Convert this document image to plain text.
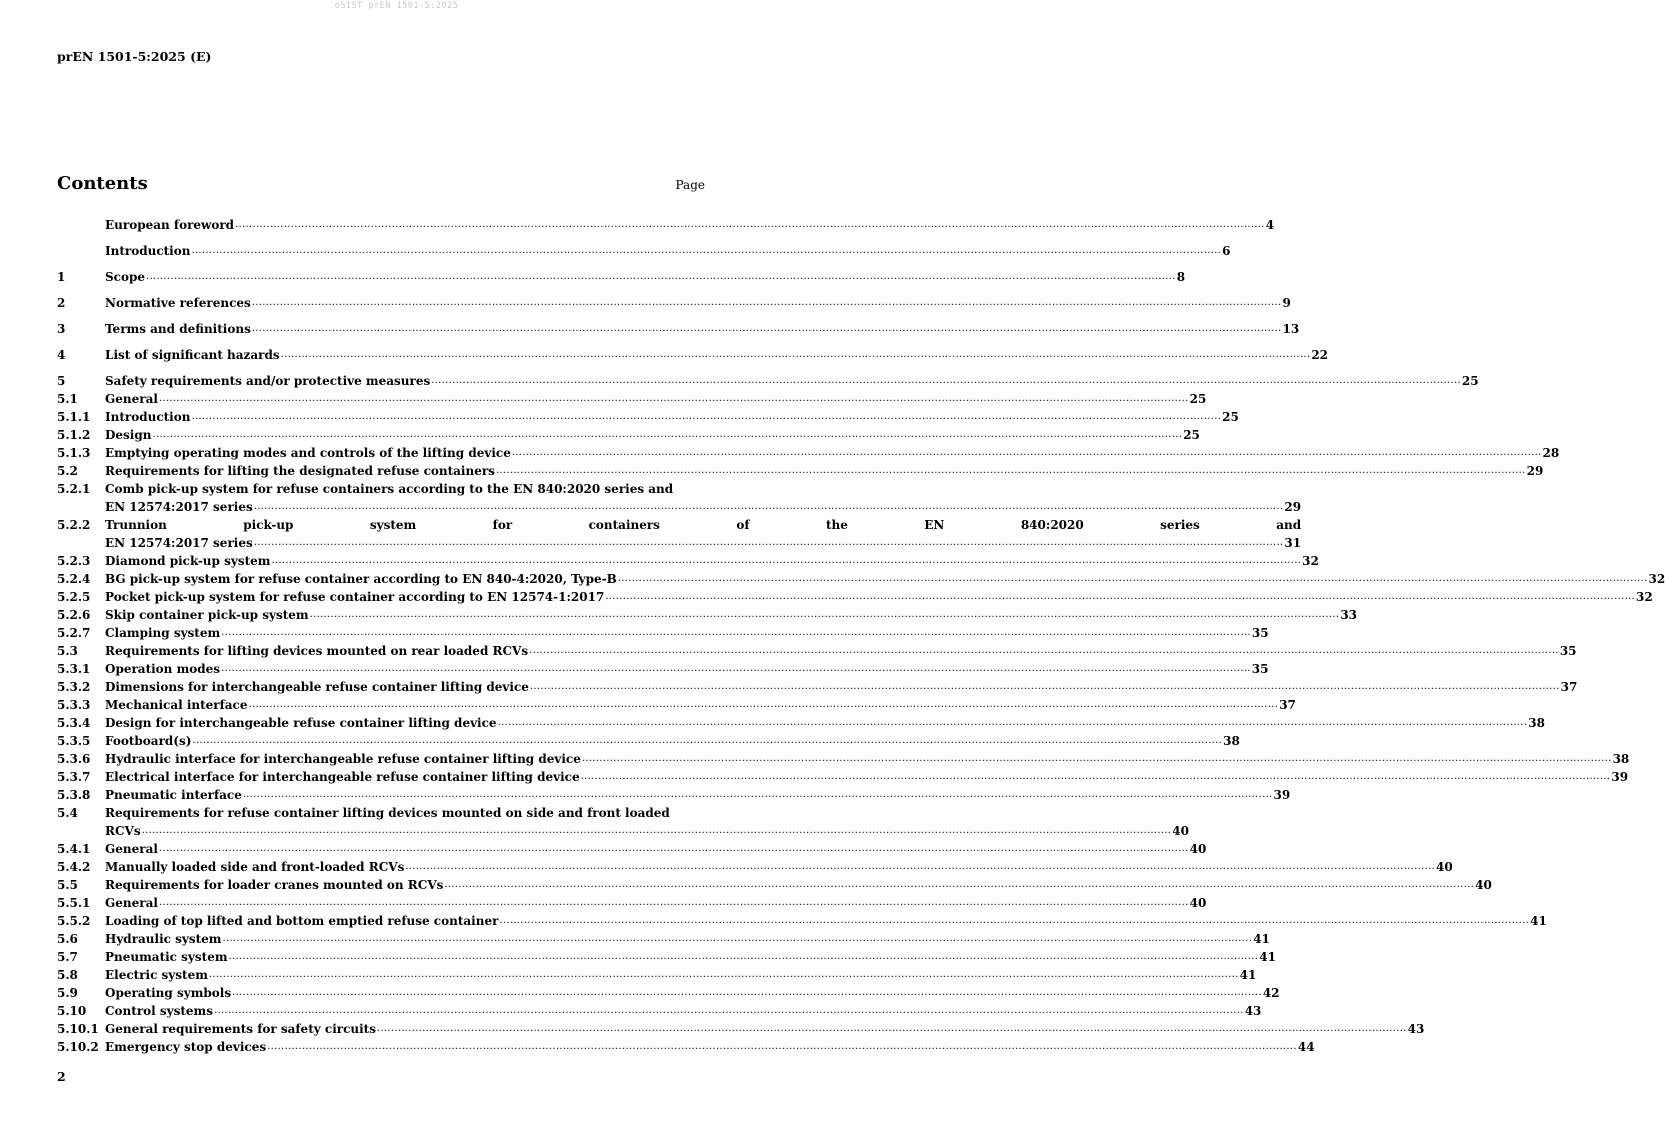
oSIST prEN 1501-5:2025
prEN 1501-5:2025 (E)
Contents	Page
European foreword .....	4
Introduction .....	6
1	Scope .....	8
2	Normative references .....	9
3	Terms and definitions .....	13
4	List of significant hazards .....	22
5	Safety requirements and/or protective measures .....	25
5.1	General .....	25
5.1.1	Introduction .....	25
5.1.2	Design .....	25
5.1.3	Emptying operating modes and controls of the lifting device .....	28
5.2	Requirements for lifting the designated refuse containers .....	29
5.2.1	Comb pick-up system for refuse containers according to the EN 840:2020 series and
EN 12574:2017 series .....	29
5.2.2	Trunnion pick-up system for containers of the EN 840:2020 series and
EN 12574:2017 series .....	31
5.2.3	Diamond pick-up system .....	32
5.2.4	BG pick-up system for refuse container according to EN 840-4:2020, Type-B .....	32
5.2.5	Pocket pick-up system for refuse container according to EN 12574-1:2017 .....	32
5.2.6	Skip container pick-up system .....	33
5.2.7	Clamping system .....	35
5.3	Requirements for lifting devices mounted on rear loaded RCVs .....	35
5.3.1	Operation modes .....	35
5.3.2	Dimensions for interchangeable refuse container lifting device .....	37
5.3.3	Mechanical interface .....	37
5.3.4	Design for interchangeable refuse container lifting device .....	38
5.3.5	Footboard(s) .....	38
5.3.6	Hydraulic interface for interchangeable refuse container lifting device .....	38
5.3.7	Electrical interface for interchangeable refuse container lifting device .....	39
5.3.8	Pneumatic interface .....	39
5.4	Requirements for refuse container lifting devices mounted on side and front loaded
RCVs .....	40
5.4.1	General .....	40
5.4.2	Manually loaded side and front-loaded RCVs .....	40
5.5	Requirements for loader cranes mounted on RCVs .....	40
5.5.1	General .....	40
5.5.2	Loading of top lifted and bottom emptied refuse container .....	41
5.6	Hydraulic system .....	41
5.7	Pneumatic system .....	41
5.8	Electric system .....	41
5.9	Operating symbols .....	42
5.10	Control systems .....	43
5.10.1 General requirements for safety circuits .....	43
5.10.2 Emergency stop devices .....	44
2
